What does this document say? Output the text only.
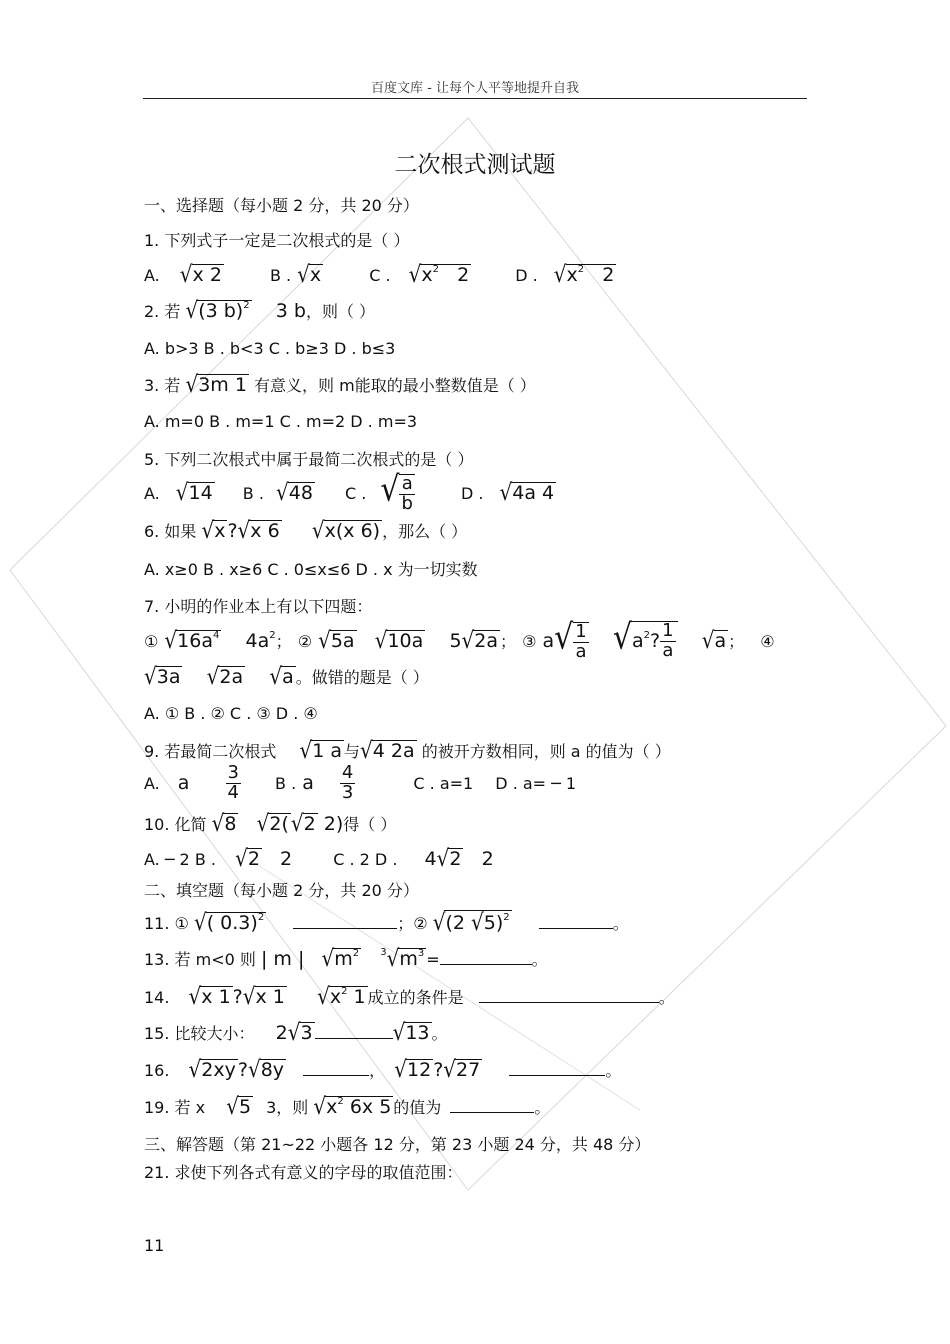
百度文库 - 让每个人平等地提升自我
二次根式测试题
一、选择题（每小题 2 分，共 20 分）
1. 下列式子一定是二次根式的是（ ）
A. √x 2	B . √x	C . $√x^2$ 2	D . $√x^2$ 2
2. 若 √(3 b)$^2$ 3 b，则（ ）
A. b>3 B . b<3 C . b≥3 D . b≤3
3. 若 √3m 1 有意义，则 m能取的最小整数值是（ ）
A. m=0 B . m=1 C . m=2 D . m=3
5. 下列二次根式中属于最简二次根式的是（ ）
A. √14 B . √48 C . √ $\frac{a}{b}$	D . √4a 4
6. 如果 √x ?√x 6 √x(x 6) ，那么（ ）
A. x≥0 B . x≥6 C . 0≤x≤6 D . x 为一切实数
7. 小明的作业本上有以下四题：
① $√16a^4$ $4a^2$； ② √5a √10a 5√2a ； ③ $a√ \frac{1}{a} √a^2$? $\frac{1}{a} √a$ ； ④
√3a √2a √a 。做错的题是（ ）
A. ① B . ② C . ③ D . ④
9. 若最简二次根式 √1 a 与√4 2a 的被开方数相同，则 a 的值为（ ）
A. a $\frac{3}{4}$ B . a $\frac{4}{3}$	C . a=1 D . a= ─ 1
10. 化简 √8 √2( √2 2)得（ ）
A. ─ 2 B . √2 2	C . 2 D . 4√2 2
二、填空题（每小题 2 分，共 20 分）
11. ① √( 0.3)$^2$	；② √(2 √5)$^2$	。
13. 若 m<0 则 | m | $√m^2$ $^3√m^3$ =	。
14. √x 1 ?√x 1 $√x^2$ 1 成立的条件是	。
15. 比较大小： 2√3	√13 。
16. √2xy ?√8y	， √12 ?√27	。
19. 若 x √5 3，则 $√x^2$ 6x 5 的值为	。
三、解答题（第 21~22 小题各 12 分，第 23 小题 24 分，共 48 分）
21. 求使下列各式有意义的字母的取值范围：
11
